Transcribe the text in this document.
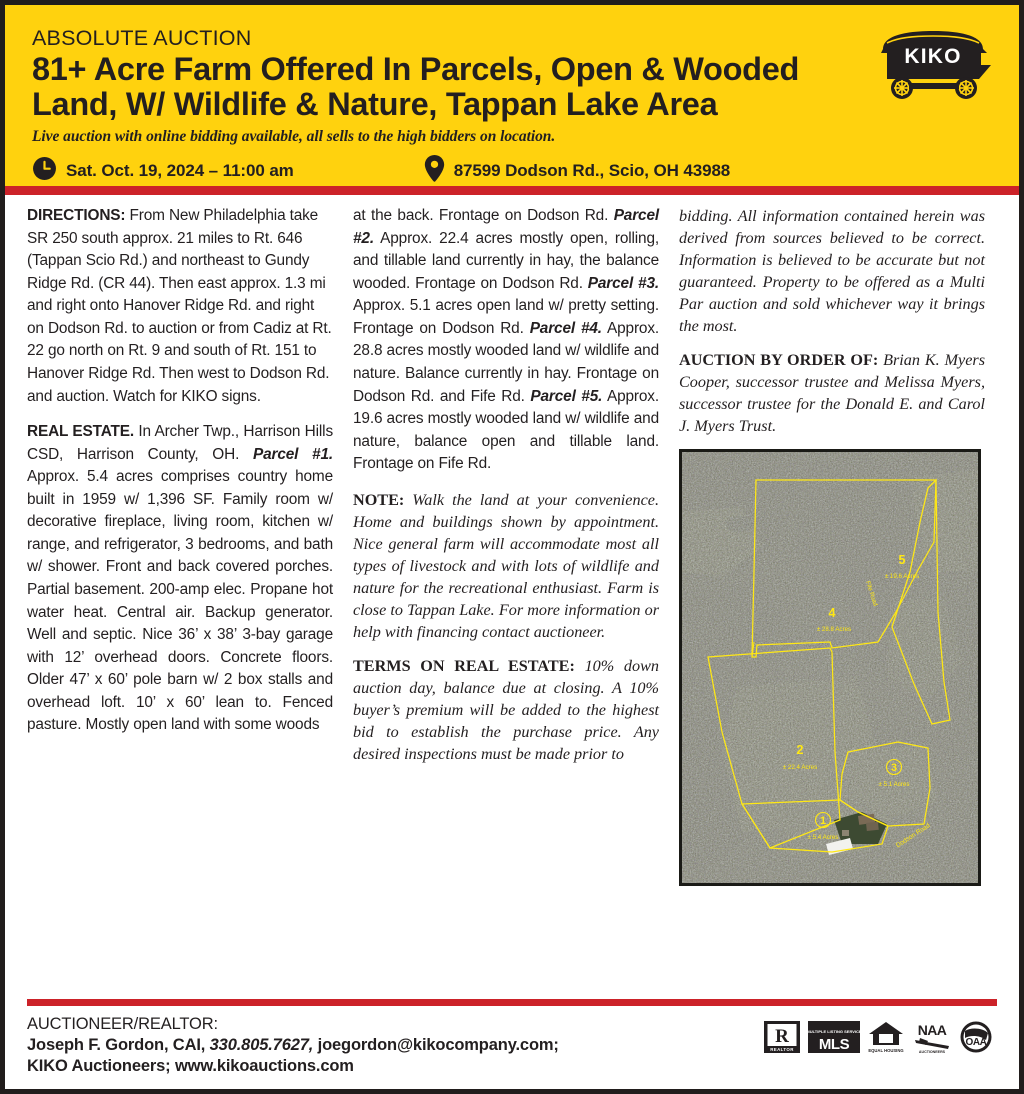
ABSOLUTE AUCTION
81+ Acre Farm Offered In Parcels, Open & Wooded Land, W/ Wildlife & Nature, Tappan Lake Area
Live auction with online bidding available, all sells to the high bidders on location.
Sat. Oct. 19, 2024 – 11:00 am	87599 Dodson Rd., Scio, OH 43988
KIKO

DIRECTIONS: From New Philadelphia take SR 250 south approx. 21 miles to Rt. 646 (Tappan Scio Rd.) and northeast to Gundy Ridge Rd. (CR 44). Then east approx. 1.3 mi and right onto Hanover Ridge Rd. and right on Dodson Rd. to auction or from Cadiz at Rt. 22 go north on Rt. 9 and south of Rt. 151 to Hanover Ridge Rd. Then west to Dodson Rd. and auction. Watch for KIKO signs.

REAL ESTATE. In Archer Twp., Harrison Hills CSD, Harrison County, OH. Parcel #1. Approx. 5.4 acres comprises country home built in 1959 w/ 1,396 SF. Family room w/ decorative fireplace, living room, kitchen w/ range, and refrigerator, 3 bedrooms, and bath w/ shower. Front and back covered porches. Partial basement. 200-amp elec. Propane hot water heat. Central air. Backup generator. Well and septic. Nice 36’ x 38’ 3-bay garage with 12’ overhead doors. Concrete floors. Older 47’ x 60’ pole barn w/ 2 box stalls and overhead loft. 10’ x 60’ lean to. Fenced pasture. Mostly open land with some woods

at the back. Frontage on Dodson Rd. Parcel #2. Approx. 22.4 acres mostly open, rolling, and tillable land currently in hay, the balance wooded. Frontage on Dodson Rd. Parcel #3. Approx. 5.1 acres open land w/ pretty setting. Frontage on Dodson Rd. Parcel #4. Approx. 28.8 acres mostly wooded land w/ wildlife and nature. Balance currently in hay. Frontage on Dodson Rd. and Fife Rd. Parcel #5. Approx. 19.6 acres mostly wooded land w/ wildlife and nature, balance open and tillable land. Frontage on Fife Rd.

NOTE: Walk the land at your convenience. Home and buildings shown by appointment. Nice general farm will accommodate most all types of livestock and with lots of wildlife and nature for the recreational enthusiast. Farm is close to Tappan Lake. For more information or help with financing contact auctioneer.

TERMS ON REAL ESTATE: 10% down auction day, balance due at closing. A 10% buyer’s premium will be added to the highest bid to establish the purchase price. Any desired inspections must be made prior to

bidding. All information contained herein was derived from sources believed to be correct. Information is believed to be accurate but not guaranteed. Property to be offered as a Multi Par auction and sold whichever way it brings the most.

AUCTION BY ORDER OF: Brian K. Myers Cooper, successor trustee and Melissa Myers, successor trustee for the Donald E. and Carol J. Myers Trust.

1
± 5.4 Acres
2
± 22.4 Acres	3
± 5.1 Acres
4
± 28.8 Acres
5
± 19.6 Acres
Fife Road
Dodson Road
AUCTIONEER/REALTOR:
Joseph F. Gordon, CAI, 330.805.7627, joegordon@kikocompany.com;
KIKO Auctioneers; www.kikoauctions.com
R
REALTOR
MULTIPLE LISTING SERVICE
MLS	EQUAL HOUSING
NAA
AUCTIONEERS
OAA
